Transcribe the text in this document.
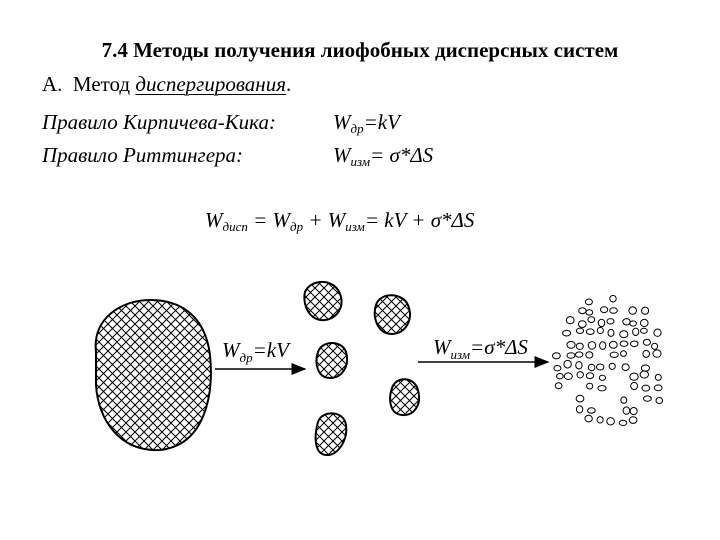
7.4 Методы получения лиофобных дисперсных систем
А. Метод диспергирования.
Правило Кирпичева-Кика:	$W_{др}=kV$
Правило Риттингера:	$W_{изм}= \sigma*\Delta S$
$W_{дисп} = W_{др} + W_{изм}=$ kV + σ*ΔS
$W_{др}=kV$	$W_{изм}=\sigma*\Delta S$
